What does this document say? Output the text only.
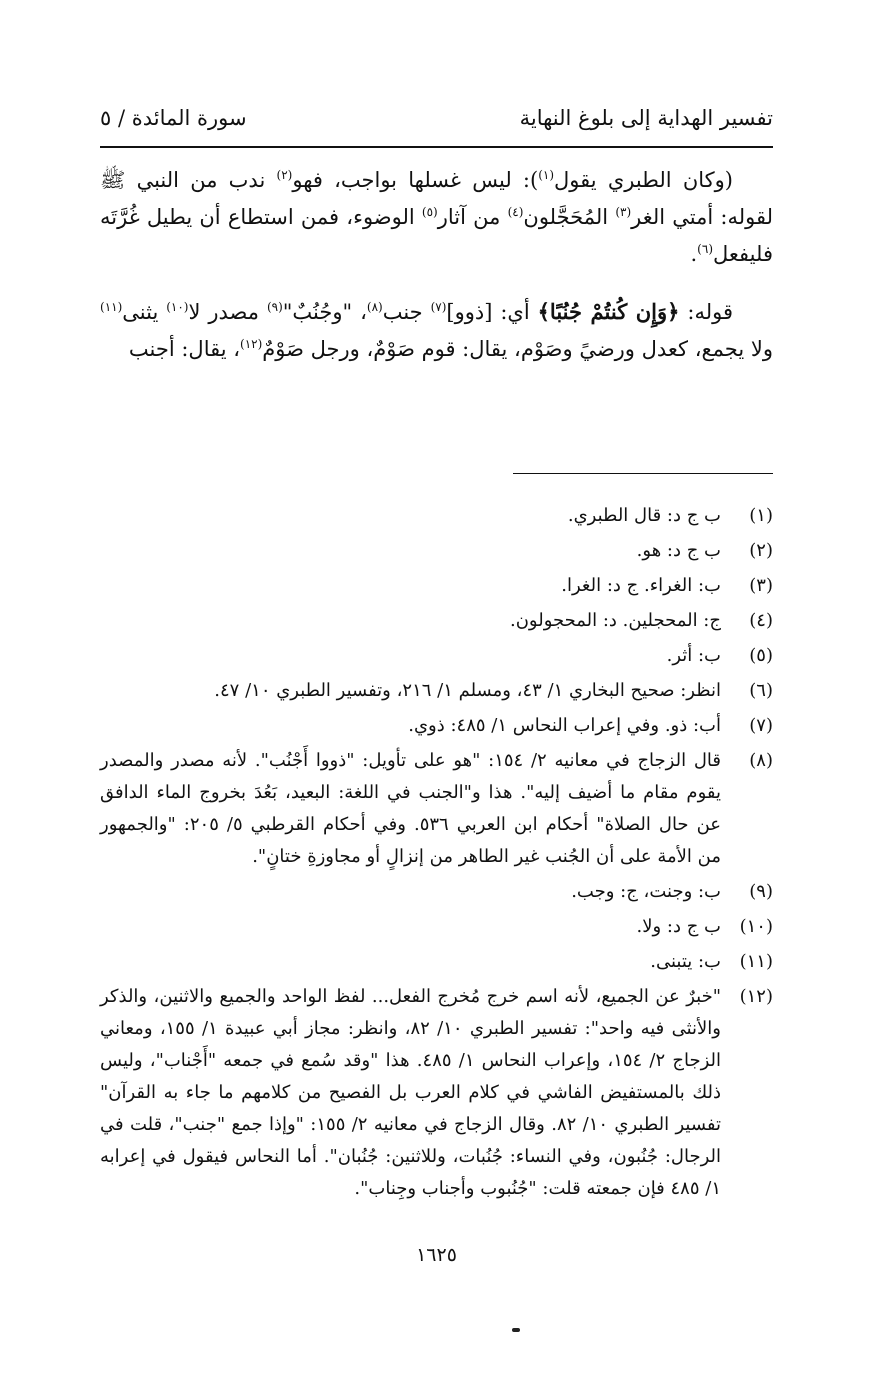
تفسير الهداية إلى بلوغ النهاية
سورة المائدة / ٥

(وكان الطبري يقول$^{(١)}$): ليس غسلها بواجب، فهو$^{(٢)}$ ندب من النبي ﷺ لقوله: أمتي الغر$^{(٣)}$ المُحَجَّلون$^{(٤)}$ من آثار$^{(٥)}$ الوضوء، فمن استطاع أن يطيل غُرَّتَه فليفعل$^{(٦)}$.

قوله: ﴿وَإِن كُنتُمْ جُنُبًا﴾ أي: [ذوو]$^{(٧)}$ جنب$^{(٨)}$، "وجُنُبٌ"$^{(٩)}$ مصدر لا$^{(١٠)}$ يثنى$^{(١١)}$ ولا يجمع، كعدل ورضيً وصَوْم، يقال: قوم صَوْمٌ، ورجل صَوْمٌ$^{(١٢)}$، يقال: أجنب

(١)
ب ج د: قال الطبري.
(٢)
ب ج د: هو.
(٣)
ب: الغراء. ج د: الغرا.
(٤)
ج: المحجلين. د: المحجولون.
(٥)
ب: أثر.
(٦)
انظر: صحيح البخاري ١/ ٤٣، ومسلم ١/ ٢١٦، وتفسير الطبري ١٠/ ٤٧.
(٧)
أب: ذو. وفي إعراب النحاس ١/ ٤٨٥: ذوي.
(٨)
قال الزجاج في معانيه ٢/ ١٥٤: "هو على تأويل: "ذووا أَجْنُب". لأنه مصدر والمصدر يقوم مقام ما أضيف إليه". هذا و"الجنب في اللغة: البعيد، بَعُدَ بخروج الماء الدافق عن حال الصلاة" أحكام ابن العربي ٥٣٦. وفي أحكام القرطبي ٥/ ٢٠٥: "والجمهور من الأمة على أن الجُنب غير الطاهر من إنزالٍ أو مجاوزةِ ختانٍ".
(٩)
ب: وجنت، ج: وجب.
(١٠)
ب ج د: ولا.
(١١)
ب: يتبنى.
(١٢)
"خبرٌ عن الجميع، لأنه اسم خرج مُخرج الفعل... لفظ الواحد والجميع والاثنين، والذكر والأنثى فيه واحد": تفسير الطبري ١٠/ ٨٢، وانظر: مجاز أبي عبيدة ١/ ١٥٥، ومعاني الزجاج ٢/ ١٥٤، وإعراب النحاس ١/ ٤٨٥. هذا "وقد سُمع في جمعه "أَجْناب"، وليس ذلك بالمستفيض الفاشي في كلام العرب بل الفصيح من كلامهم ما جاء به القرآن" تفسير الطبري ١٠/ ٨٢. وقال الزجاج في معانيه ٢/ ١٥٥: "وإذا جمع "جنب"، قلت في الرجال: جُنُبون، وفي النساء: جُنُبات، وللاثنين: جُنُبان". أما النحاس فيقول في إعرابه ١/ ٤٨٥ فإن جمعته قلت: "جُنُبوب وأجناب وجِناب".
١٦٢٥
